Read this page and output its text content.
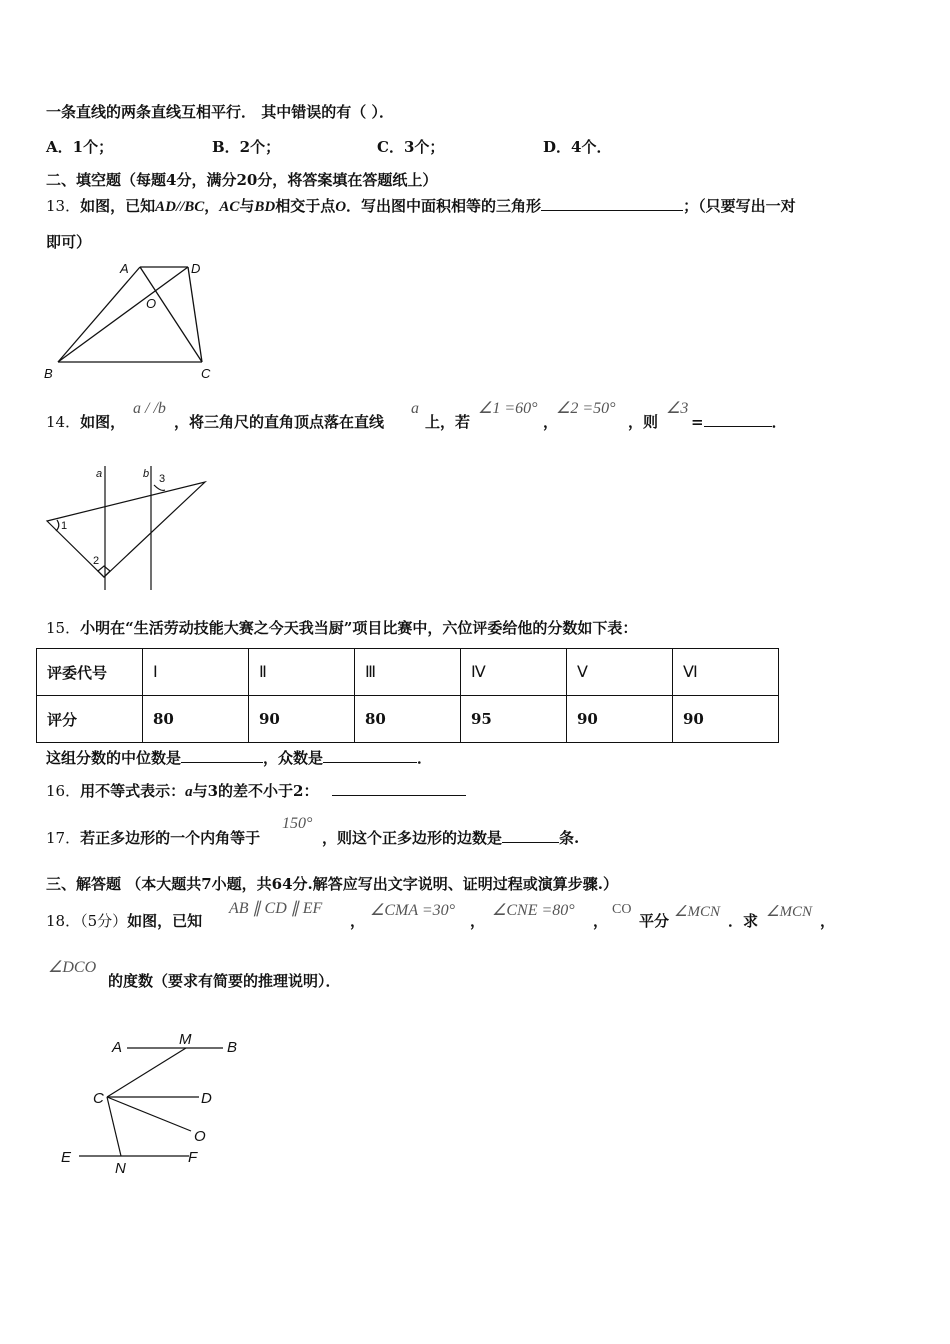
一条直线的两条直线互相平行． 其中错误的有（ ）．
A．1个；	B．2个；	C．3个；	D．4个．
二、填空题（每题4分，满分20分，将答案填在答题纸上）
13．如图，已知AD//BC，AC与BD相交于点O．写出图中面积相等的三角形	；（只要写出一对
即可）
A	D
O
B	C
a / /b	a	∠1 =60° ∠2 =50°	∠3
14．如图，	，将三角尺的直角顶点落在直线	上，若	，	，则 =	．
a	b
1
2
3
15．小明在“生活劳动技能大赛之今天我当厨”项目比赛中，六位评委给他的分数如下表：
评委代号	Ⅰ	Ⅱ	Ⅲ	Ⅳ	Ⅴ	Ⅵ
评分	80	90	80	95	90	90
这组分数的中位数是	，众数是	．
16．用不等式表示：a与3的差不小于2：
150°
17．若正多边形的一个内角等于	，则这个正多边形的边数是	条.
三、解答题 （本大题共7小题，共64分.解答应写出文字说明、证明过程或演算步骤.）
AB ∥ CD ∥ EF	∠CMA =30° ∠CNE =80°	CO	∠MCN	∠MCN
∠DCO
18．（5分）如图，已知	，	，	， 平分	．求	，
的度数（要求有简要的推理说明）．
A	M B
C	D
O
E
N
F
